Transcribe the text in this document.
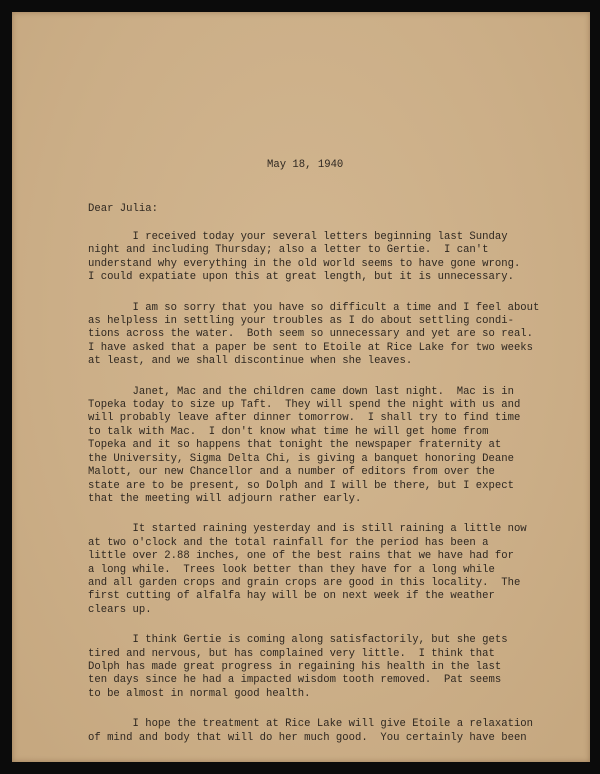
May 18, 1940
Dear Julia:
I received today your several letters beginning last Sunday
night and including Thursday; also a letter to Gertie.  I can't
understand why everything in the old world seems to have gone wrong.
I could expatiate upon this at great length, but it is unnecessary.
I am so sorry that you have so difficult a time and I feel about
as helpless in settling your troubles as I do about settling condi-
tions across the water.  Both seem so unnecessary and yet are so real.
I have asked that a paper be sent to Etoile at Rice Lake for two weeks
at least, and we shall discontinue when she leaves.
Janet, Mac and the children came down last night.  Mac is in
Topeka today to size up Taft.  They will spend the night with us and
will probably leave after dinner tomorrow.  I shall try to find time
to talk with Mac.  I don't know what time he will get home from
Topeka and it so happens that tonight the newspaper fraternity at
the University, Sigma Delta Chi, is giving a banquet honoring Deane
Malott, our new Chancellor and a number of editors from over the
state are to be present, so Dolph and I will be there, but I expect
that the meeting will adjourn rather early.
It started raining yesterday and is still raining a little now
at two o'clock and the total rainfall for the period has been a
little over 2.88 inches, one of the best rains that we have had for
a long while.  Trees look better than they have for a long while
and all garden crops and grain crops are good in this locality.  The
first cutting of alfalfa hay will be on next week if the weather
clears up.
I think Gertie is coming along satisfactorily, but she gets
tired and nervous, but has complained very little.  I think that
Dolph has made great progress in regaining his health in the last
ten days since he had a impacted wisdom tooth removed.  Pat seems
to be almost in normal good health.
I hope the treatment at Rice Lake will give Etoile a relaxation
of mind and body that will do her much good.  You certainly have been
